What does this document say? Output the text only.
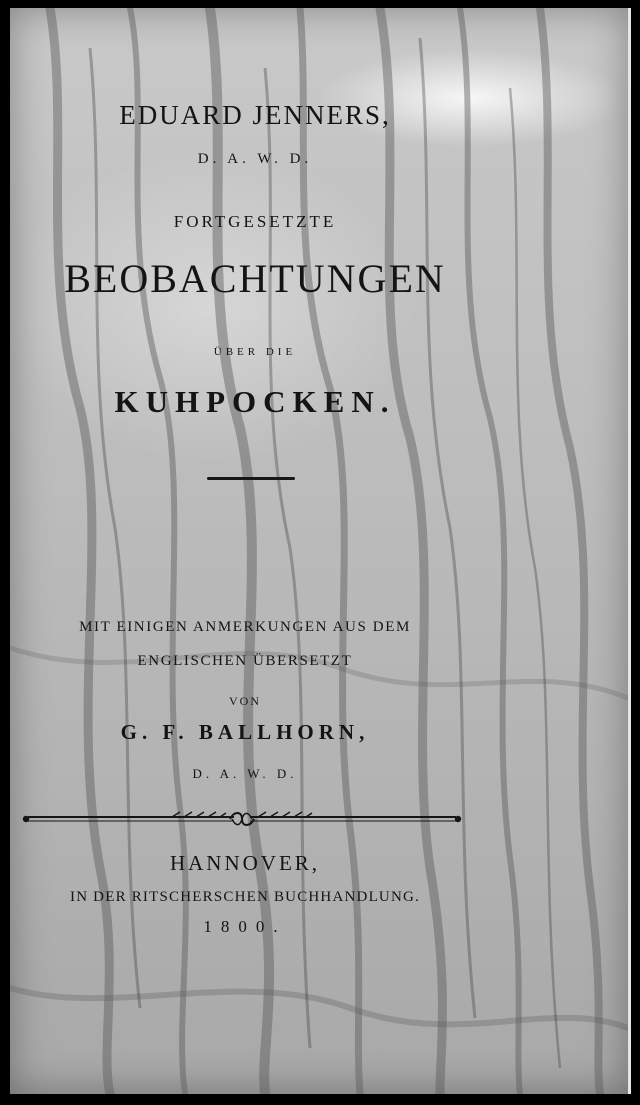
EDUARD JENNERS,
D. A. W. D.
FORTGESETZTE
BEOBACHTUNGEN
ÜBER DIE
KUHPOCKEN.
MIT EINIGEN ANMERKUNGEN AUS DEM
ENGLISCHEN ÜBERSETZT
VON
G. F. BALLHORN,
D. A. W. D.
HANNOVER,
IN DER RITSCHERSCHEN BUCHHANDLUNG.
1800.
